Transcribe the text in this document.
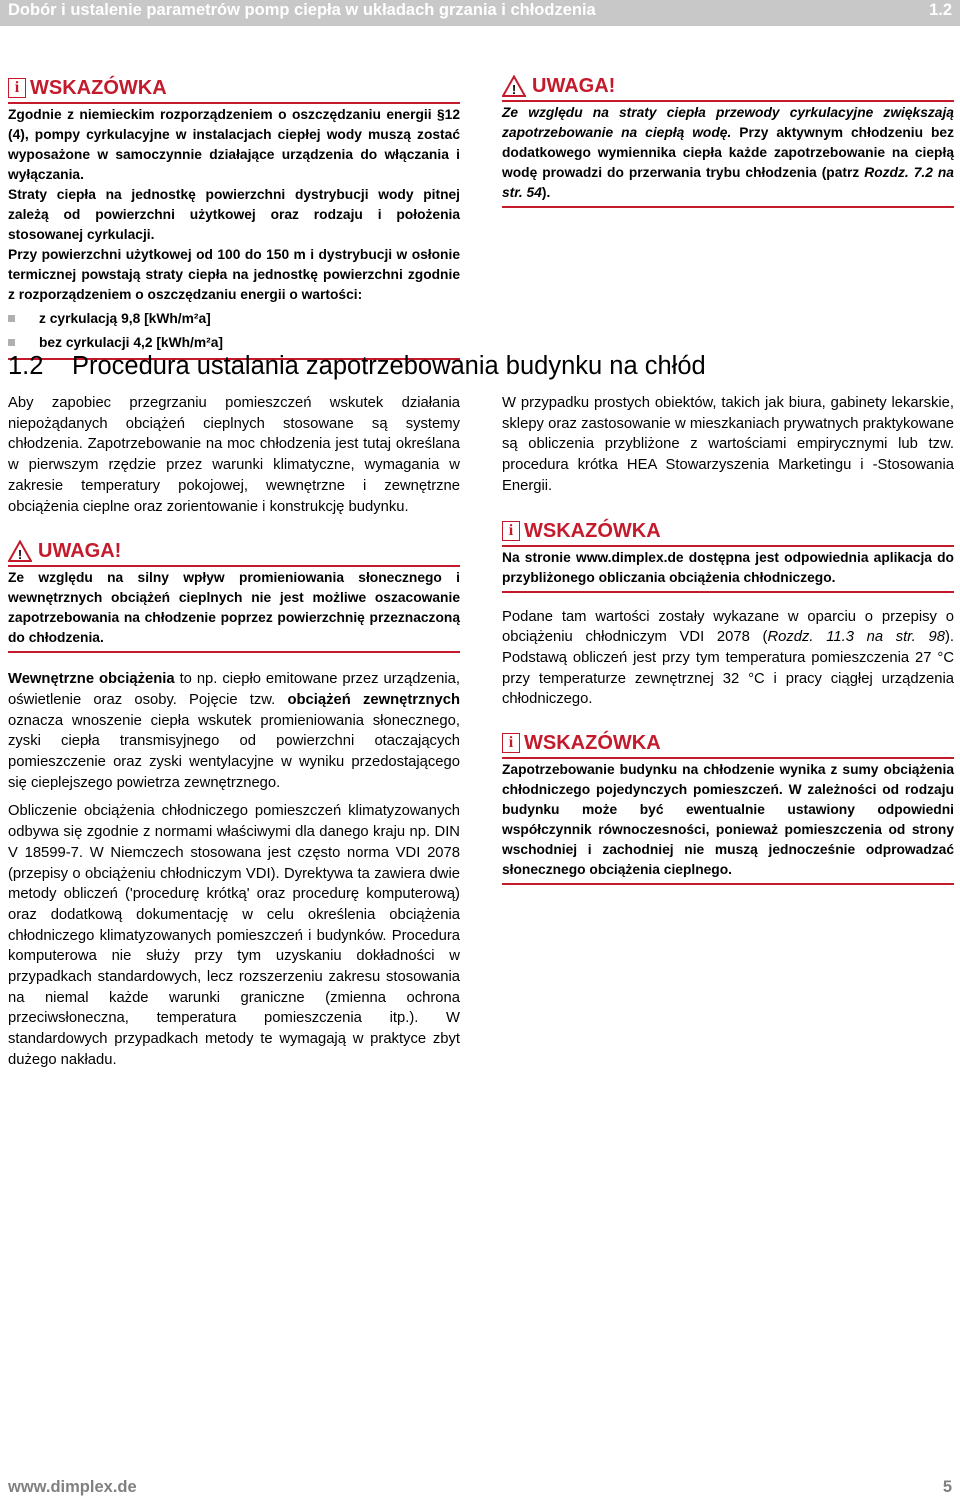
Dobór i ustalenie parametrów pomp ciepła w układach grzania i chłodzenia	1.2
i WSKAZÓWKA

Zgodnie z niemieckim rozporządzeniem o oszczędzaniu energii §12 (4), pompy cyrkulacyjne w instalacjach ciepłej wody muszą zostać wyposażone w samoczynnie działające urządzenia do włączania i wyłączania.

Straty ciepła na jednostkę powierzchni dystrybucji wody pitnej zależą od powierzchni użytkowej oraz rodzaju i położenia stosowanej cyrkulacji.

Przy powierzchni użytkowej od 100 do 150 m i dystrybucji w osłonie termicznej powstają straty ciepła na jednostkę powierzchni zgodnie z rozporządzeniem o oszczędzaniu energii o wartości:

z cyrkulacją 9,8 [kWh/m²a]
bez cyrkulacji 4,2 [kWh/m²a]
! UWAGA!

Ze względu na straty ciepła przewody cyrkulacyjne zwiększają zapotrzebowanie na ciepłą wodę. Przy aktywnym chłodzeniu bez dodatkowego wymiennika ciepła każde zapotrzebowanie na ciepłą wodę prowadzi do przerwania trybu chłodzenia (patrz Rozdz. 7.2 na str. 54).

1.2 Procedura ustalania zapotrzebowania budynku na chłód

Aby zapobiec przegrzaniu pomieszczeń wskutek działania niepożądanych obciążeń cieplnych stosowane są systemy chłodzenia. Zapotrzebowanie na moc chłodzenia jest tutaj określana w pierwszym rzędzie przez warunki klimatyczne, wymagania w zakresie temperatury pokojowej, wewnętrzne i zewnętrzne obciążenia cieplne oraz zorientowanie i konstrukcję budynku.

! UWAGA!

Ze względu na silny wpływ promieniowania słonecznego i wewnętrznych obciążeń cieplnych nie jest możliwe oszacowanie zapotrzebowania na chłodzenie poprzez powierzchnię przeznaczoną do chłodzenia.

Wewnętrzne obciążenia to np. ciepło emitowane przez urządzenia, oświetlenie oraz osoby. Pojęcie tzw. obciążeń zewnętrznych oznacza wnoszenie ciepła wskutek promieniowania słonecznego, zyski ciepła transmisyjnego od powierzchni otaczających pomieszczenie oraz zyski wentylacyjne w wyniku przedostającego się cieplejszego powietrza zewnętrznego.

Obliczenie obciążenia chłodniczego pomieszczeń klimatyzowanych odbywa się zgodnie z normami właściwymi dla danego kraju np. DIN V 18599-7. W Niemczech stosowana jest często norma VDI 2078 (przepisy o obciążeniu chłodniczym VDI). Dyrektywa ta zawiera dwie metody obliczeń ('procedurę krótką' oraz procedurę komputerową) oraz dodatkową dokumentację w celu określenia obciążenia chłodniczego klimatyzowanych pomieszczeń i budynków. Procedura komputerowa nie służy przy tym uzyskaniu dokładności w przypadkach standardowych, lecz rozszerzeniu zakresu stosowania na niemal każde warunki graniczne (zmienna ochrona przeciwsłoneczna, temperatura pomieszczenia itp.). W standardowych przypadkach metody te wymagają w praktyce zbyt dużego nakładu.

W przypadku prostych obiektów, takich jak biura, gabinety lekarskie, sklepy oraz zastosowanie w mieszkaniach prywatnych praktykowane są obliczenia przybliżone z wartościami empirycznymi lub tzw. procedura krótka HEA Stowarzyszenia Marketingu i -Stosowania Energii.

i WSKAZÓWKA

Na stronie www.dimplex.de dostępna jest odpowiednia aplikacja do przybliżonego obliczania obciążenia chłodniczego.

Podane tam wartości zostały wykazane w oparciu o przepisy o obciążeniu chłodniczym VDI 2078 (Rozdz. 11.3 na str. 98). Podstawą obliczeń jest przy tym temperatura pomieszczenia 27 °C przy temperaturze zewnętrznej 32 °C i pracy ciągłej urządzenia chłodniczego.

i WSKAZÓWKA

Zapotrzebowanie budynku na chłodzenie wynika z sumy obciążenia chłodniczego pojedynczych pomieszczeń. W zależności od rodzaju budynku może być ewentualnie ustawiony odpowiedni współczynnik równoczesności, ponieważ pomieszczenia od strony wschodniej i zachodniej nie muszą jednocześnie odprowadzać słonecznego obciążenia cieplnego.

www.dimplex.de	5
